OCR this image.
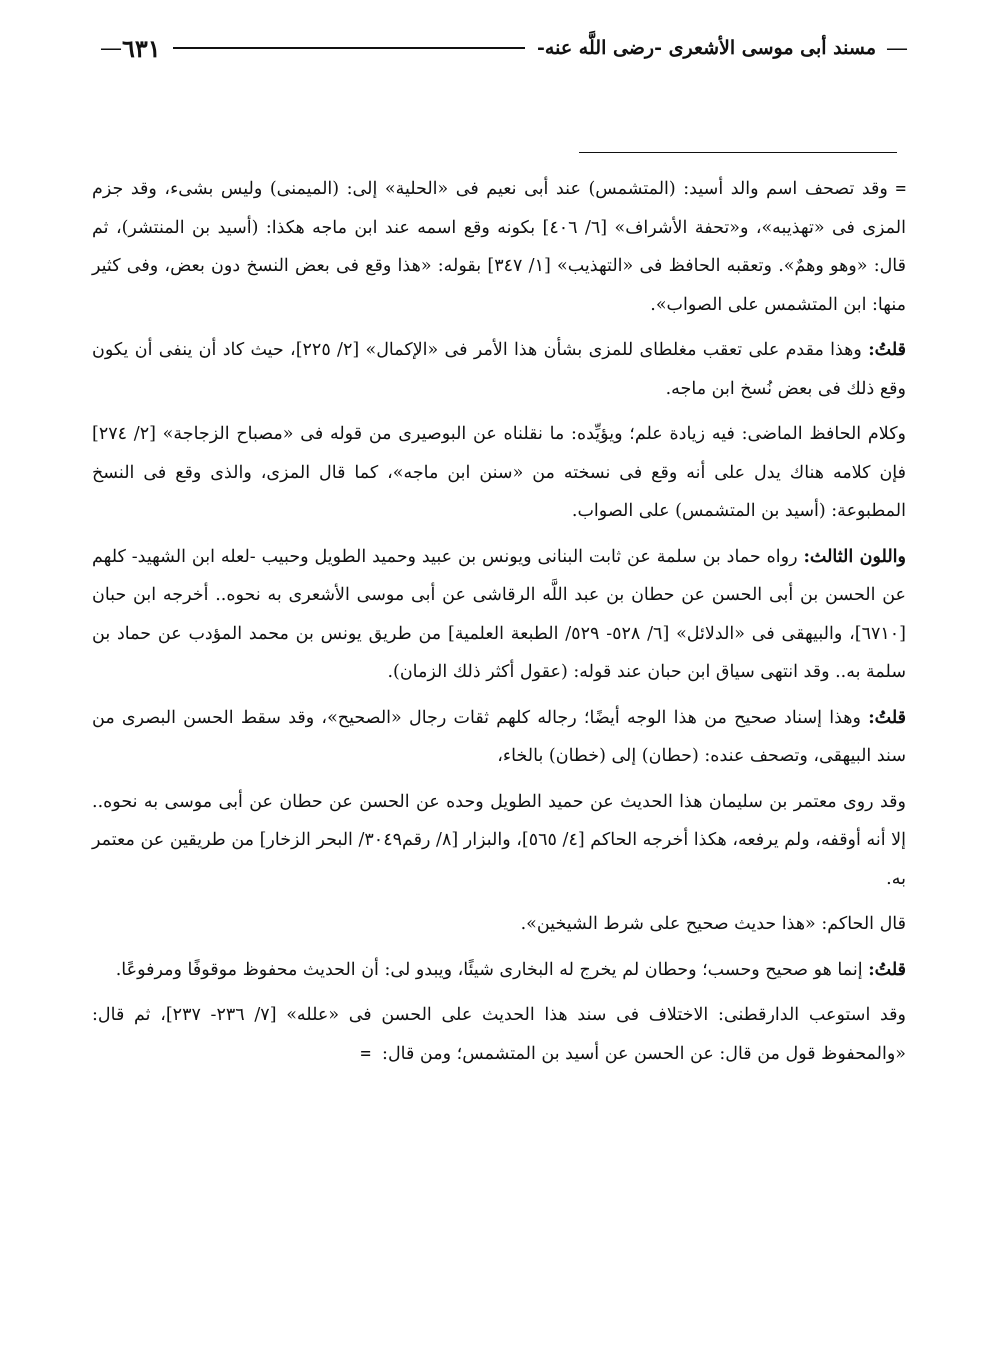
—
مسند أبى موسى الأشعرى -رضى اللَّه عنه-
٦٣١
—

= وقد تصحف اسم والد أسيد: (المتشمس) عند أبى نعيم فى «الحلية» إلى: (الميمنى) وليس بشىء، وقد جزم المزى فى «تهذيبه»، و«تحفة الأشراف» [٦/ ٤٠٦] بكونه وقع اسمه عند ابن ماجه هكذا: (أسيد بن المنتشر)، ثم قال: «وهو وهمٌ». وتعقبه الحافظ فى «التهذيب» [١/ ٣٤٧] بقوله: «هذا وقع فى بعض النسخ دون بعض، وفى كثير منها: ابن المتشمس على الصواب».

قلتُ: وهذا مقدم على تعقب مغلطاى للمزى بشأن هذا الأمر فى «الإكمال» [٢/ ٢٢٥]، حيث كاد أن ينفى أن يكون وقع ذلك فى بعض نُسخ ابن ماجه.

وكلام الحافظ الماضى: فيه زيادة علم؛ ويؤيِّده: ما نقلناه عن البوصيرى من قوله فى «مصباح الزجاجة» [٢/ ٢٧٤] فإن كلامه هناك يدل على أنه وقع فى نسخته من «سنن ابن ماجه»، كما قال المزى، والذى وقع فى النسخ المطبوعة: (أسيد بن المتشمس) على الصواب.

واللون الثالث: رواه حماد بن سلمة عن ثابت البنانى ويونس بن عبيد وحميد الطويل وحبيب -لعله ابن الشهيد- كلهم عن الحسن بن أبى الحسن عن حطان بن عبد اللَّه الرقاشى عن أبى موسى الأشعرى به نحوه.. أخرجه ابن حبان [٦٧١٠]، والبيهقى فى «الدلائل» [٦/ ٥٢٨- ٥٢٩/ الطبعة العلمية] من طريق يونس بن محمد المؤدب عن حماد بن سلمة به.. وقد انتهى سياق ابن حبان عند قوله: (عقول أكثر ذلك الزمان).

قلتُ: وهذا إسناد صحيح من هذا الوجه أيضًا؛ رجاله كلهم ثقات رجال «الصحيح»، وقد سقط الحسن البصرى من سند البيهقى، وتصحف عنده: (حطان) إلى (خطان) بالخاء،

وقد روى معتمر بن سليمان هذا الحديث عن حميد الطويل وحده عن الحسن عن حطان عن أبى موسى به نحوه.. إلا أنه أوقفه، ولم يرفعه، هكذا أخرجه الحاكم [٤/ ٥٦٥]، والبزار [٨/ رقم٣٠٤٩/ البحر الزخار] من طريقين عن معتمر به.

قال الحاكم: «هذا حديث صحيح على شرط الشيخين».

قلتُ: إنما هو صحيح وحسب؛ وحطان لم يخرج له البخارى شيئًا، ويبدو لى: أن الحديث محفوظ موقوفًا ومرفوعًا.

وقد استوعب الدارقطنى: الاختلاف فى سند هذا الحديث على الحسن فى «علله» [٧/ ٢٣٦- ٢٣٧]، ثم قال: «والمحفوظ قول من قال: عن الحسن عن أسيد بن المتشمس؛ ومن قال:  =
